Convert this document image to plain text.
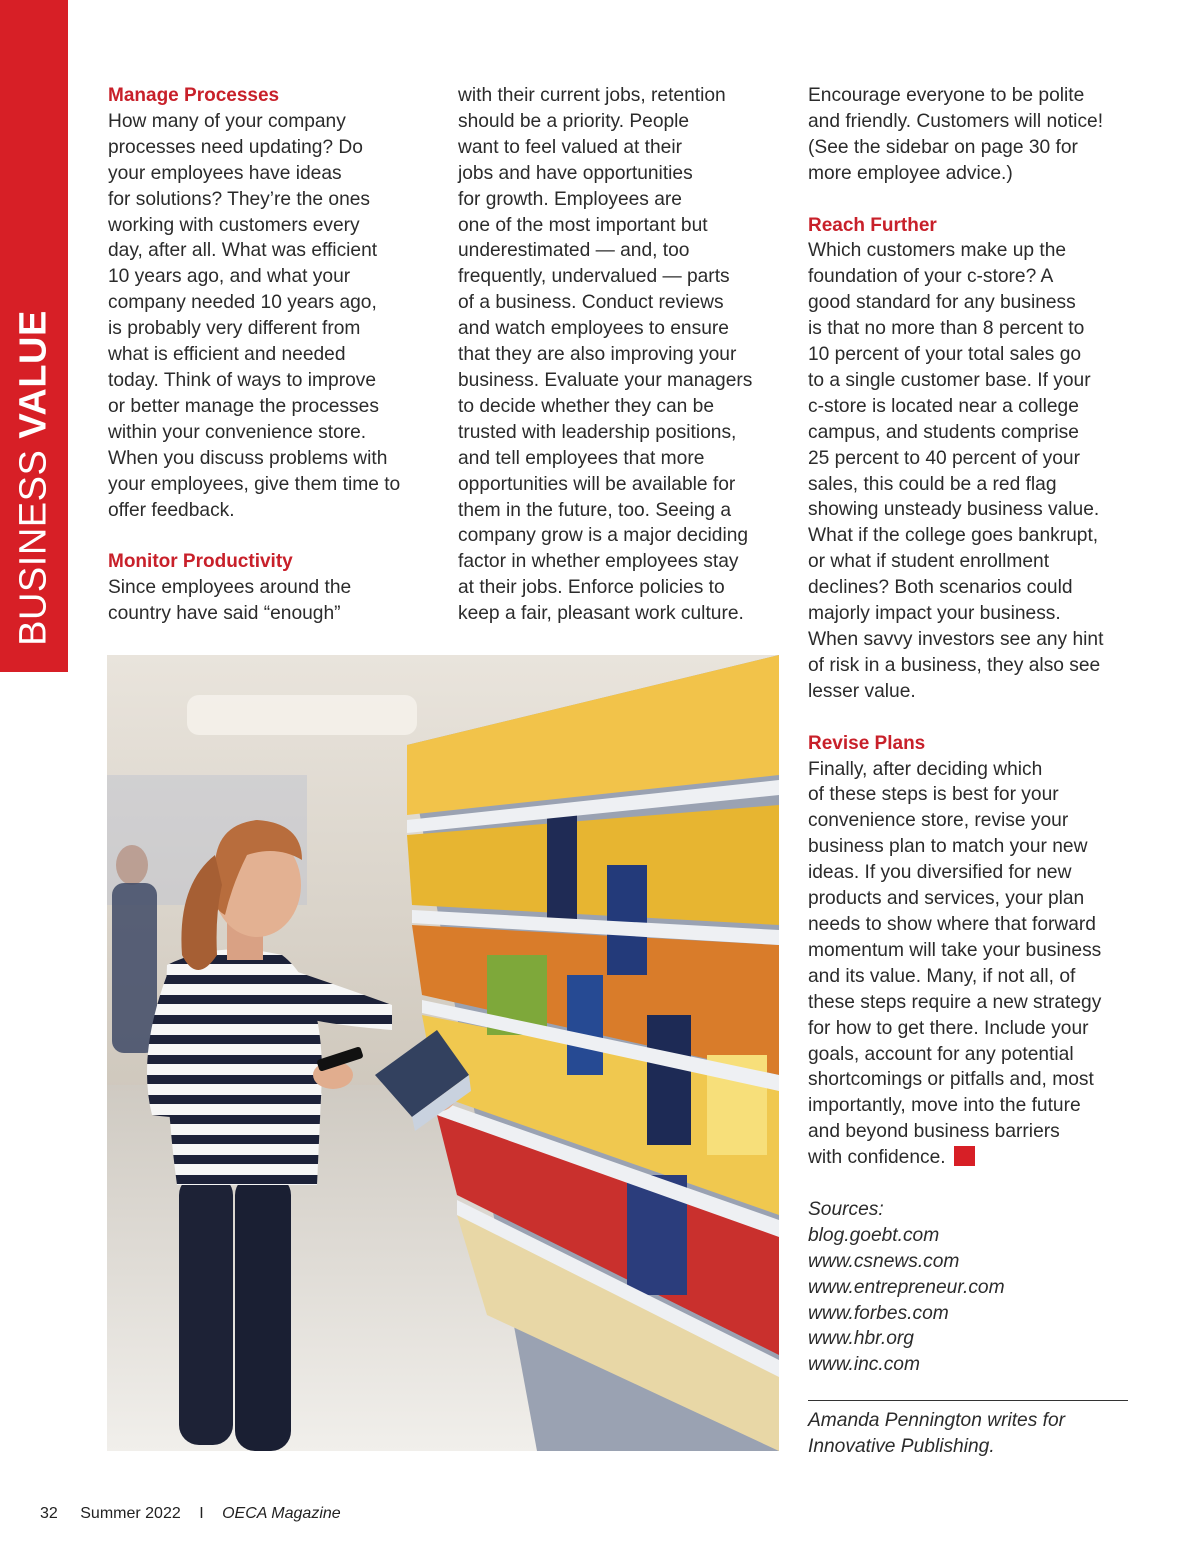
BUSINESS VALUE
Manage Processes

How many of your company
processes need updating? Do
your employees have ideas
for solutions? They’re the ones
working with customers every
day, after all. What was efficient
10 years ago, and what your
company needed 10 years ago,
is probably very different from
what is efficient and needed
today. Think of ways to improve
or better manage the processes
within your convenience store.
When you discuss problems with
your employees, give them time to
offer feedback.

Monitor Productivity

Since employees around the
country have said “enough”

with their current jobs, retention
should be a priority. People
want to feel valued at their
jobs and have opportunities
for growth. Employees are
one of the most important but
underestimated — and, too
frequently, undervalued — parts
of a business. Conduct reviews
and watch employees to ensure
that they are also improving your
business. Evaluate your managers
to decide whether they can be
trusted with leadership positions,
and tell employees that more
opportunities will be available for
them in the future, too. Seeing a
company grow is a major deciding
factor in whether employees stay
at their jobs. Enforce policies to
keep a fair, pleasant work culture.

Encourage everyone to be polite
and friendly. Customers will notice!
(See the sidebar on page 30 for
more employee advice.)

Reach Further

Which customers make up the
foundation of your c-store? A
good standard for any business
is that no more than 8 percent to
10 percent of your total sales go
to a single customer base. If your
c-store is located near a college
campus, and students comprise
25 percent to 40 percent of your
sales, this could be a red flag
showing unsteady business value.
What if the college goes bankrupt,
or what if student enrollment
declines? Both scenarios could
majorly impact your business.
When savvy investors see any hint
of risk in a business, they also see
lesser value.

Revise Plans

Finally, after deciding which
of these steps is best for your
convenience store, revise your
business plan to match your new
ideas. If you diversified for new
products and services, your plan
needs to show where that forward
momentum will take your business
and its value. Many, if not all, of
these steps require a new strategy
for how to get there. Include your
goals, account for any potential
shortcomings or pitfalls and, most
importantly, move into the future
and beyond business barriers
with confidence.

Sources:
blog.goebt.com
www.csnews.com
www.entrepreneur.com
www.forbes.com
www.hbr.org
www.inc.com
Amanda Pennington writes for
Innovative Publishing.
32 Summer 2022 I OECA Magazine
